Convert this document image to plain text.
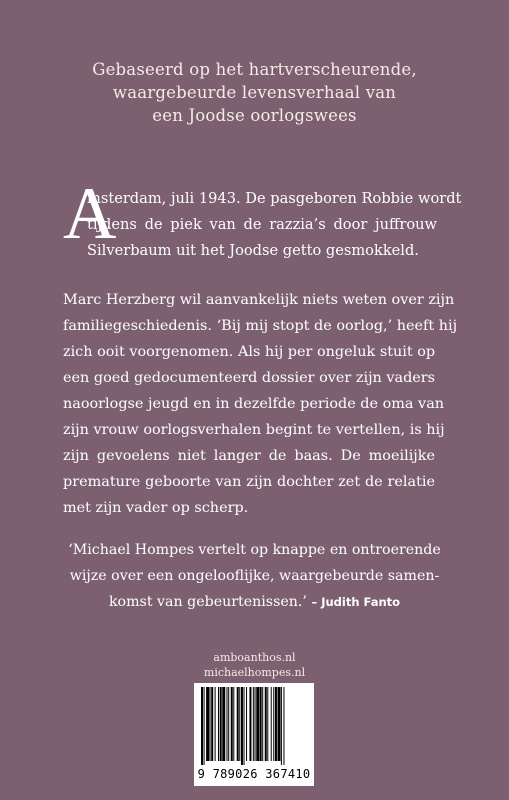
Gebaseerd op het hartverscheurende,
waargebeurde levensverhaal van
een Joodse oorlogswees
A
msterdam, juli 1943. De pasgeboren Robbie wordt
tijdens de piek van de razzia’s door juffrouw
Silverbaum uit het Joodse getto gesmokkeld.
Marc Herzberg wil aanvankelijk niets weten over zijn
familiegeschiedenis. ‘Bij mij stopt de oorlog,’ heeft hij
zich ooit voorgenomen. Als hij per ongeluk stuit op
een goed gedocumenteerd dossier over zijn vaders
naoorlogse jeugd en in dezelfde periode de oma van
zijn vrouw oorlogsverhalen begint te vertellen, is hij
zijn gevoelens niet langer de baas. De moeilijke
premature geboorte van zijn dochter zet de relatie
met zijn vader op scherp.
‘Michael Hompes vertelt op knappe en ontroerende
wijze over een ongelooflijke, waargebeurde samen-
komst van gebeurtenissen.’ – Judith Fanto
amboanthos.nl
michaelhompes.nl
9 789026 367410
